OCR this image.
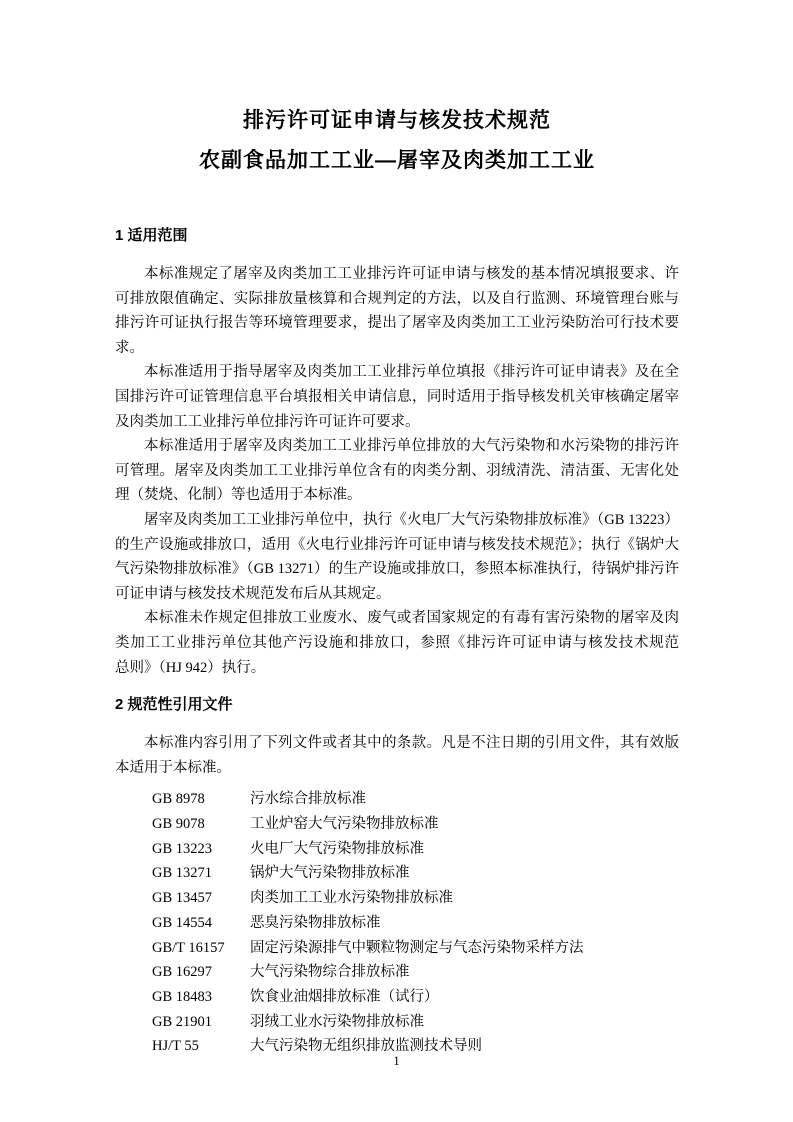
排污许可证申请与核发技术规范
农副食品加工工业—屠宰及肉类加工工业
1 适用范围

本标准规定了屠宰及肉类加工工业排污许可证申请与核发的基本情况填报要求、许可排放限值确定、实际排放量核算和合规判定的方法，以及自行监测、环境管理台账与排污许可证执行报告等环境管理要求，提出了屠宰及肉类加工工业污染防治可行技术要求。

本标准适用于指导屠宰及肉类加工工业排污单位填报《排污许可证申请表》及在全国排污许可证管理信息平台填报相关申请信息，同时适用于指导核发机关审核确定屠宰及肉类加工工业排污单位排污许可证许可要求。

本标准适用于屠宰及肉类加工工业排污单位排放的大气污染物和水污染物的排污许可管理。屠宰及肉类加工工业排污单位含有的肉类分割、羽绒清洗、清洁蛋、无害化处理（焚烧、化制）等也适用于本标准。

屠宰及肉类加工工业排污单位中，执行《火电厂大气污染物排放标准》（GB 13223）的生产设施或排放口，适用《火电行业排污许可证申请与核发技术规范》；执行《锅炉大气污染物排放标准》（GB 13271）的生产设施或排放口，参照本标准执行，待锅炉排污许可证申请与核发技术规范发布后从其规定。

本标准未作规定但排放工业废水、废气或者国家规定的有毒有害污染物的屠宰及肉类加工工业排污单位其他产污设施和排放口，参照《排污许可证申请与核发技术规范　总则》（HJ 942）执行。

2 规范性引用文件

本标准内容引用了下列文件或者其中的条款。凡是不注日期的引用文件，其有效版本适用于本标准。

GB 8978	污水综合排放标准
GB 9078	工业炉窑大气污染物排放标准
GB 13223	火电厂大气污染物排放标准
GB 13271	锅炉大气污染物排放标准
GB 13457	肉类加工工业水污染物排放标准
GB 14554	恶臭污染物排放标准
GB/T 16157	固定污染源排气中颗粒物测定与气态污染物采样方法
GB 16297	大气污染物综合排放标准
GB 18483	饮食业油烟排放标准（试行）
GB 21901	羽绒工业水污染物排放标准
HJ/T 55	大气污染物无组织排放监测技术导则
1
